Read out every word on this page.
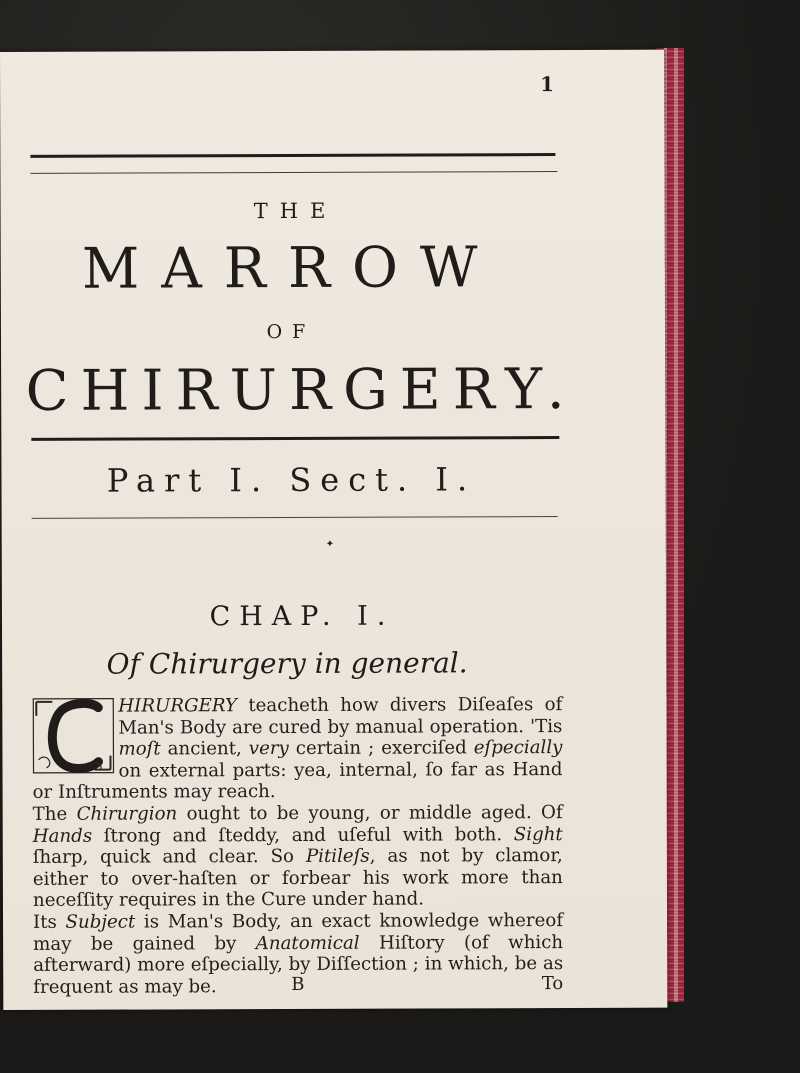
1
THE
MARROW
OF
CHIRURGERY.
Part I. Sect. I.
✦
CHAP. I.
Of Chirurgery in general.

HIRURGERY teacheth how divers Diſeaſes of Man's Body are cured by manual operation. 'Tis moſt ancient, very certain ; exerciſed eſpecially on external parts: yea, internal, ſo far as Hand or Inſtruments may reach.

The Chirurgion ought to be young, or middle aged. Of Hands ſtrong and ſteddy, and uſeful with both. Sight ſharp, quick and clear. So Pitileſs, as not by clamor, either to over-haſten or forbear his work more than neceſſity requires in the Cure under hand.

Its Subject is Man's Body, an exact knowledge whereof may be gained by Anatomical Hiſtory (of which afterward) more eſpecially, by Diſſection ; in which, be as frequent as may be.	B	To
